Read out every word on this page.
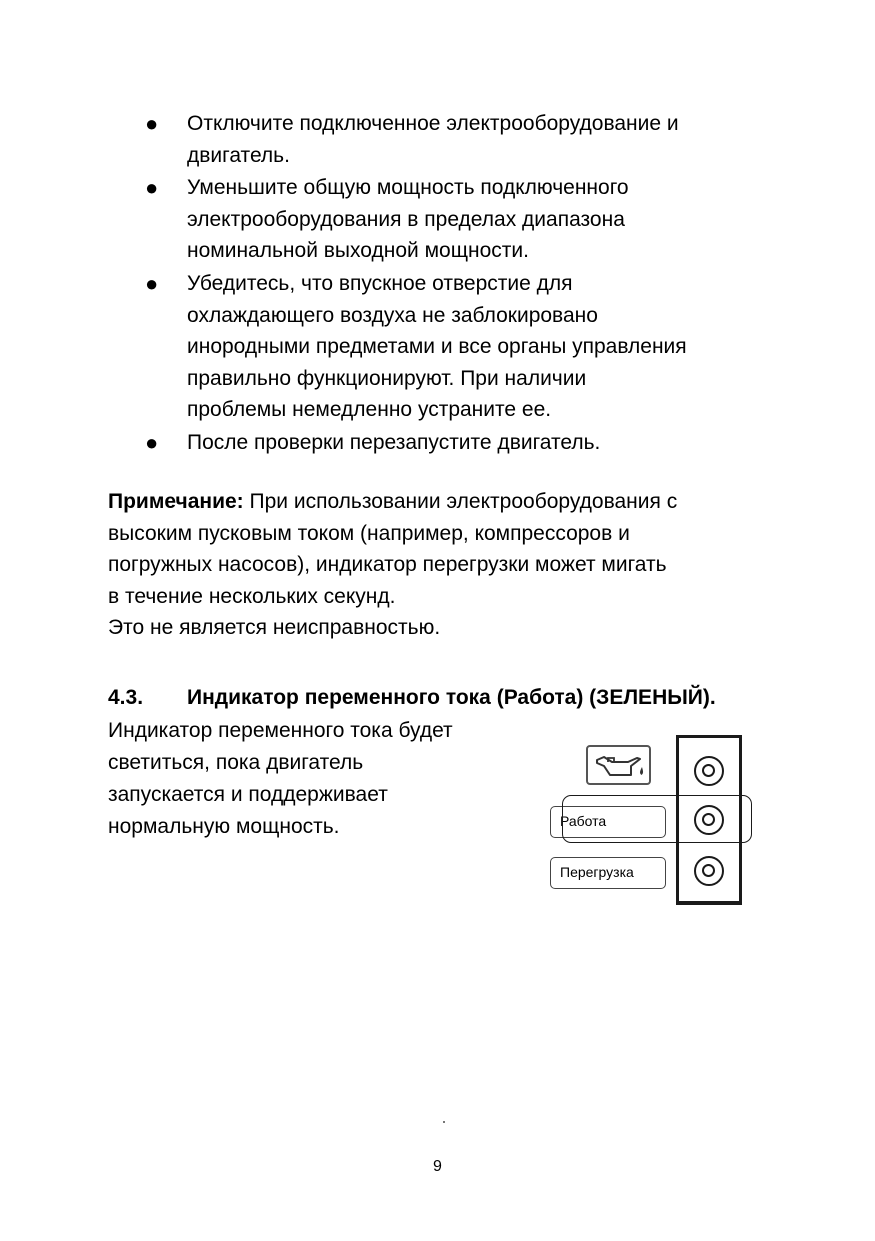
● Отключите подключенное электрооборудование и
двигатель.
● Уменьшите общую мощность подключенного
электрооборудования в пределах диапазона
номинальной выходной мощности.
● Убедитесь, что впускное отверстие для
охлаждающего воздуха не заблокировано
инородными предметами и все органы управления
правильно функционируют. При наличии
проблемы немедленно устраните ее.
● После проверки перезапустите двигатель.

Примечание: При использовании электрооборудования с
высоким пусковым током (например, компрессоров и
погружных насосов), индикатор перегрузки может мигать
в течение нескольких секунд.
Это не является неисправностью.

4.3. Индикатор переменного тока (Работа) (ЗЕЛЕНЫЙ).
Индикатор переменного тока будет
светиться, пока двигатель
запускается и поддерживает
нормальную мощность.	Работа
Перегрузка
9
